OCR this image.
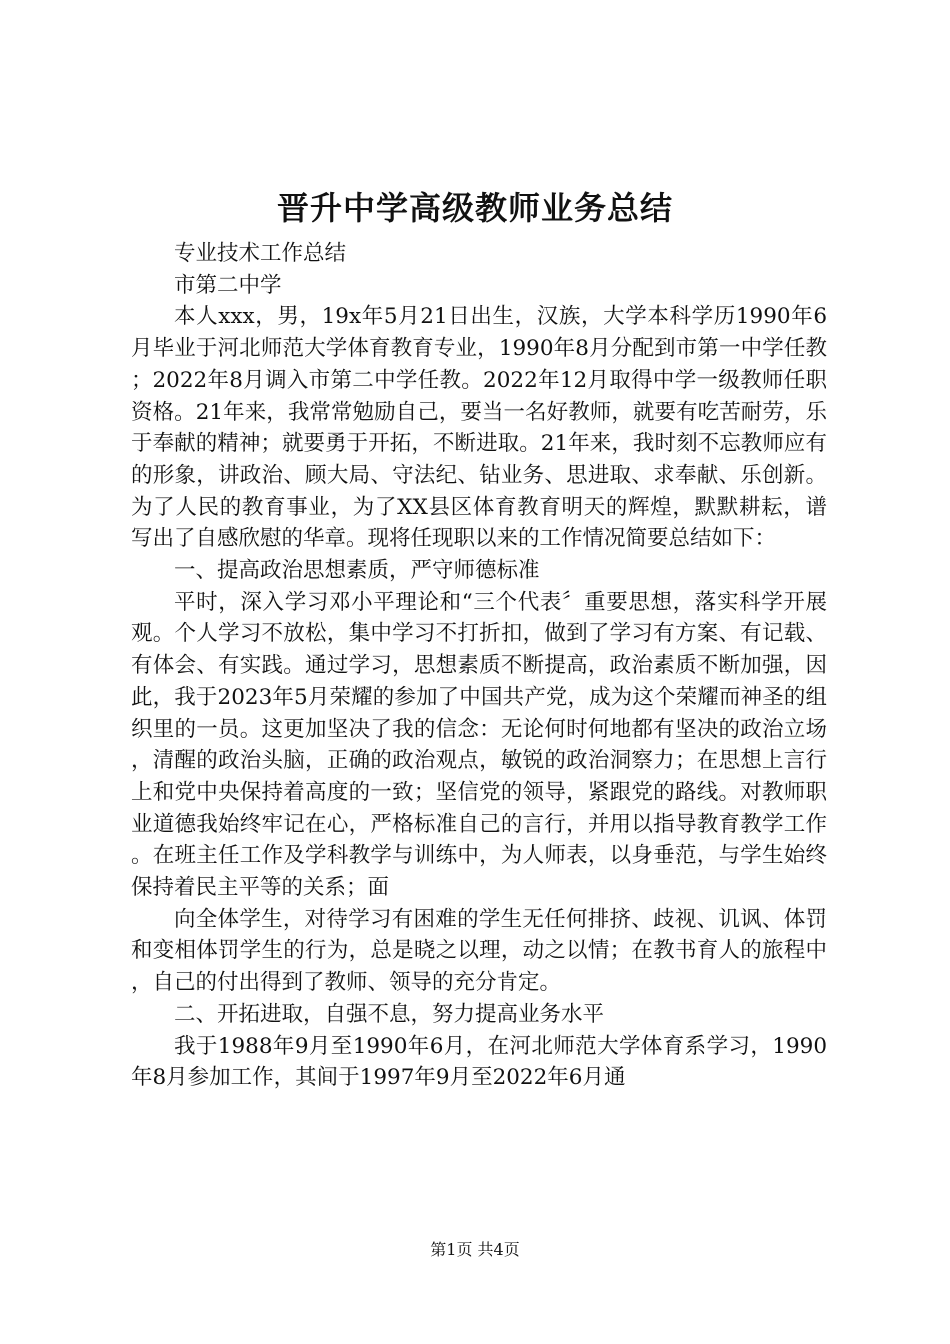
晋升中学高级教师业务总结

专业技术工作总结

市第二中学

本人xxx，男，19x年5月21日出生，汉族，大学本科学历1990年6月毕业于河北师范大学体育教育专业，1990年8月分配到市第一中学任教；2022年8月调入市第二中学任教。2022年12月取得中学一级教师任职资格。21年来，我常常勉励自己，要当一名好教师，就要有吃苦耐劳，乐于奉献的精神；就要勇于开拓，不断进取。21年来，我时刻不忘教师应有的形象，讲政治、顾大局、守法纪、钻业务、思进取、求奉献、乐创新。为了人民的教育事业，为了XX县区体育教育明天的辉煌，默默耕耘，谱写出了自感欣慰的华章。现将任现职以来的工作情况简要总结如下：

一、提高政治思想素质，严守师德标准

平时，深入学习邓小平理论和“三个代表〞重要思想，落实科学开展观。个人学习不放松，集中学习不打折扣，做到了学习有方案、有记载、有体会、有实践。通过学习，思想素质不断提高，政治素质不断加强，因此，我于2023年5月荣耀的参加了中国共产党，成为这个荣耀而神圣的组织里的一员。这更加坚决了我的信念：无论何时何地都有坚决的政治立场，清醒的政治头脑，正确的政治观点，敏锐的政治洞察力；在思想上言行上和党中央保持着高度的一致；坚信党的领导，紧跟党的路线。对教师职业道德我始终牢记在心，严格标准自己的言行，并用以指导教育教学工作。在班主任工作及学科教学与训练中，为人师表，以身垂范，与学生始终保持着民主平等的关系；面

向全体学生，对待学习有困难的学生无任何排挤、歧视、讥讽、体罚和变相体罚学生的行为，总是晓之以理，动之以情；在教书育人的旅程中，自己的付出得到了教师、领导的充分肯定。

二、开拓进取，自强不息，努力提高业务水平

我于1988年9月至1990年6月，在河北师范大学体育系学习，1990年8月参加工作，其间于1997年9月至2022年6月通

第1页 共4页
